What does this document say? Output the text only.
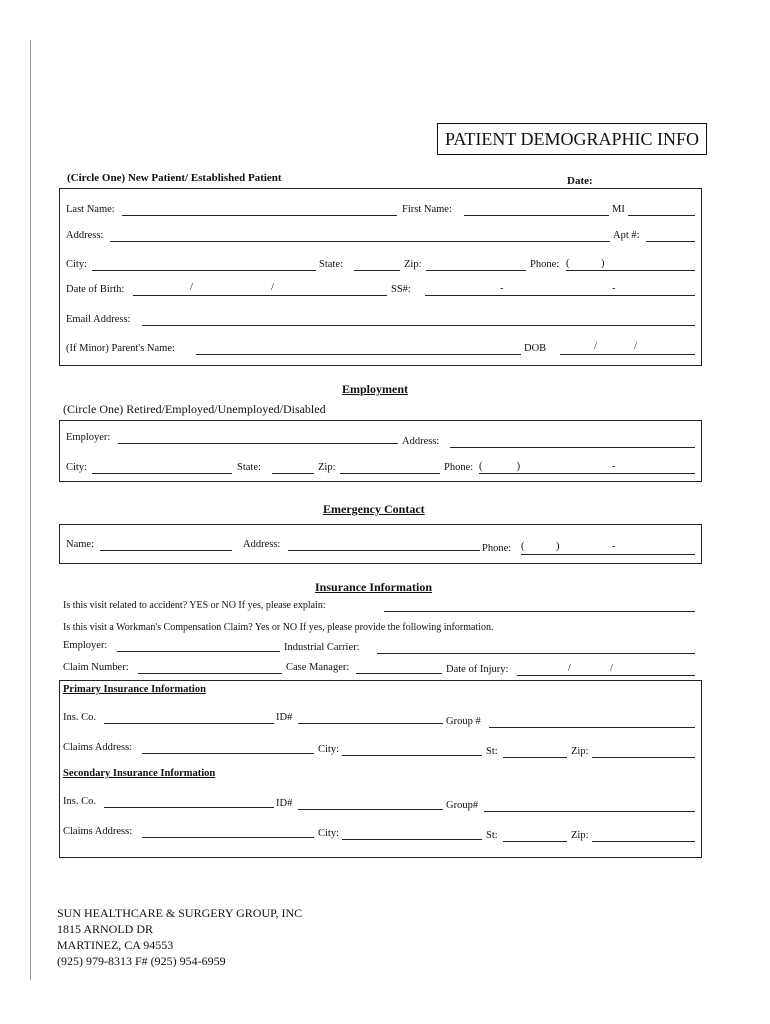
PATIENT DEMOGRAPHIC INFO
(Circle One) New Patient/ Established Patient	Date:
Last Name:	First Name:	MI
Address:	Apt #:
City:	State:	Zip:	Phone: (            )
Date of Birth:	/	/	SS#:	-	-
Email Address:
(If Minor) Parent's Name:	DOB	/	/
Employment
(Circle One) Retired/Employed/Unemployed/Disabled
Employer:	Address:
City:	State:	Zip:	Phone: (             )	-
Emergency Contact
Name:	Address:	Phone: (            )	-
Insurance Information
Is this visit related to accident? YES or NO If yes, please explain:
Is this visit a Workman's Compensation Claim? Yes or NO If yes, please provide the following information.
Employer:	Industrial Carrier:
Claim Number:	Case Manager:	Date of Injury:	/	/
Primary Insurance Information
Ins. Co.	ID#	Group #
Claims Address:	City:	St:	Zip:
Secondary Insurance Information
Ins. Co.	ID#	Group#
Claims Address:	City:	St:	Zip:
SUN HEALTHCARE & SURGERY GROUP, INC
1815 ARNOLD DR
MARTINEZ, CA 94553
(925) 979-8313 F# (925) 954-6959
